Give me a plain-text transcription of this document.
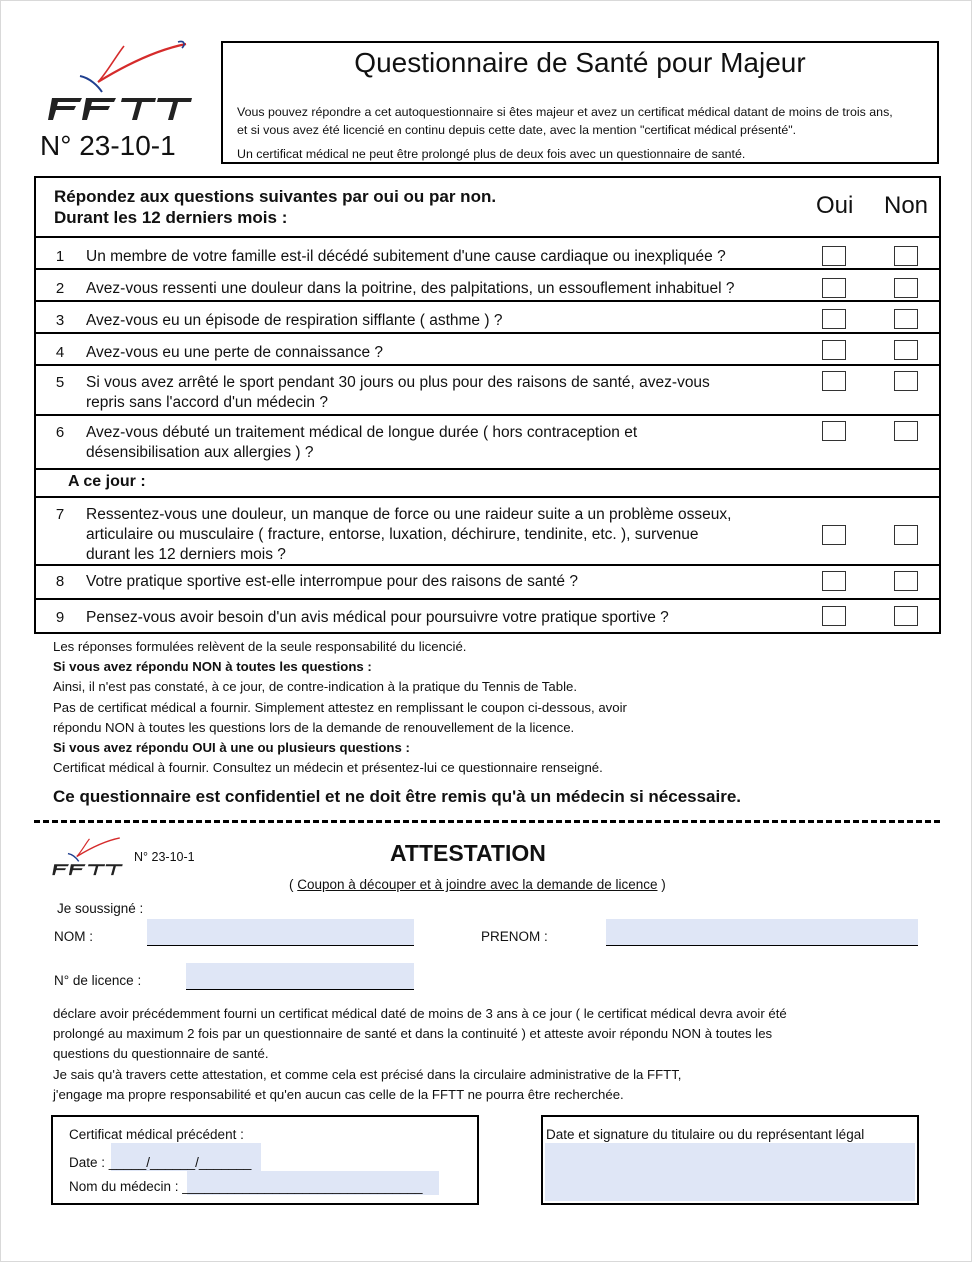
N° 23-10-1
Questionnaire de Santé pour Majeur
Vous pouvez répondre a cet autoquestionnaire si êtes majeur et avez un certificat médical datant de moins de trois ans,
et si vous avez été licencié en continu depuis cette date, avec la mention "certificat médical présenté".
Un certificat médical ne peut être prolongé plus de deux fois avec un questionnaire de santé.
Répondez aux questions suivantes par oui ou par non.
Durant les 12 derniers mois :	Oui Non
1	Un membre de votre famille est-il décédé subitement d'une cause cardiaque ou inexpliquée ?
2	Avez-vous ressenti une douleur dans la poitrine, des palpitations, un essouflement inhabituel ?
3	Avez-vous eu un épisode de respiration sifflante ( asthme ) ?
4	Avez-vous eu une perte de connaissance ?
5	Si vous avez arrêté le sport pendant 30 jours ou plus pour des raisons de santé, avez-vous
repris sans l'accord d'un médecin ?
6	Avez-vous débuté un traitement médical de longue durée ( hors contraception et
désensibilisation aux allergies ) ?
A ce jour :
7	Ressentez-vous une douleur, un manque de force ou une raideur suite a un problème osseux,
articulaire ou musculaire ( fracture, entorse, luxation, déchirure, tendinite, etc. ), survenue
durant les 12 derniers mois ?
8	Votre pratique sportive est-elle interrompue pour des raisons de santé ?
9	Pensez-vous avoir besoin d'un avis médical pour poursuivre votre pratique sportive ?
Les réponses formulées relèvent de la seule responsabilité du licencié.
Si vous avez répondu NON à toutes les questions :
Ainsi, il n'est pas constaté, à ce jour, de contre-indication à la pratique du Tennis de Table.
Pas de certificat médical a fournir. Simplement attestez en remplissant le coupon ci-dessous, avoir
répondu NON à toutes les questions lors de la demande de renouvellement de la licence.
Si vous avez répondu OUI à une ou plusieurs questions :
Certificat médical à fournir. Consultez un médecin et présentez-lui ce questionnaire renseigné.
Ce questionnaire est confidentiel et ne doit être remis qu'à un médecin si nécessaire.
N° 23-10-1	ATTESTATION
( Coupon à découper et à joindre avec la demande de licence )
Je soussigné :
NOM :	PRENOM :
N° de licence :
déclare avoir précédemment fourni un certificat médical daté de moins de 3 ans à ce jour ( le certificat médical devra avoir été
prolongé au maximum 2 fois par un questionnaire de santé et dans la continuité ) et atteste avoir répondu NON à toutes les
questions du questionnaire de santé.
Je sais qu'à travers cette attestation, et comme cela est précisé dans la circulaire administrative de la FFTT,
j'engage ma propre responsabilité et qu'en aucun cas celle de la FFTT ne pourra être recherchée.
Certificat médical précédent :
Date : _____/______/_______
Nom du médecin : ________________________________
Date et signature du titulaire ou du représentant légal
